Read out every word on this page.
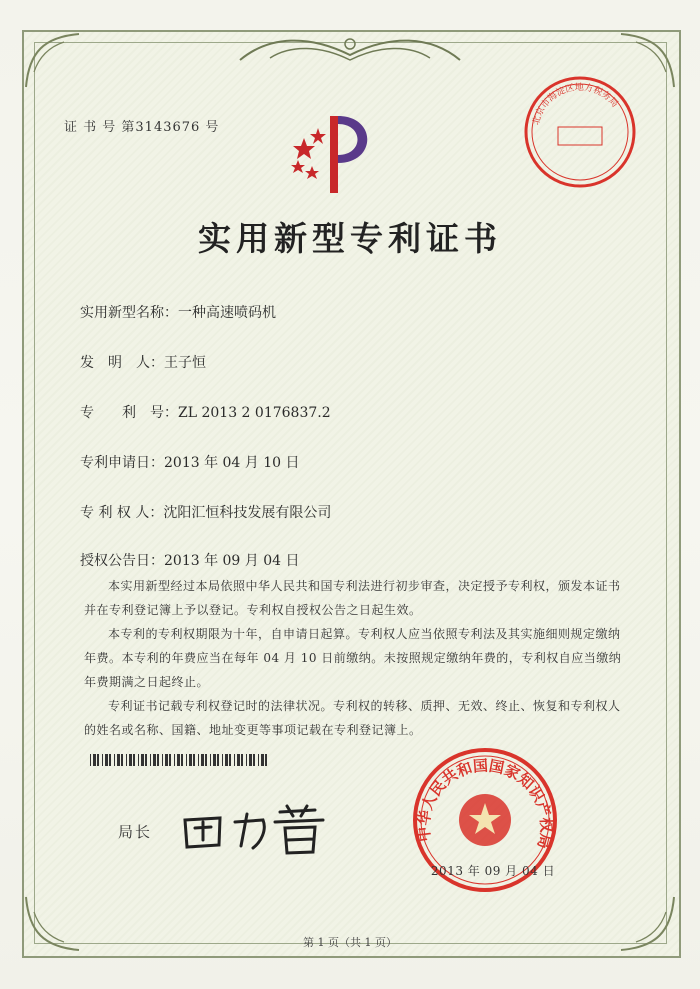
证 书 号 第3143676 号
实用新型专利证书
北京市海淀区地方税务局
实用新型名称：一种高速喷码机
发　明　人：王子恒
专　　利　号：ZL 2013 2 0176837.2
专利申请日：2013 年 04 月 10 日
专 利 权 人：沈阳汇恒科技发展有限公司
授权公告日：2013 年 09 月 04 日

本实用新型经过本局依照中华人民共和国专利法进行初步审查，决定授予专利权，颁发本证书并在专利登记簿上予以登记。专利权自授权公告之日起生效。

本专利的专利权期限为十年，自申请日起算。专利权人应当依照专利法及其实施细则规定缴纳年费。本专利的年费应当在每年 04 月 10 日前缴纳。未按照规定缴纳年费的，专利权自应当缴纳年费期满之日起终止。

专利证书记载专利权登记时的法律状况。专利权的转移、质押、无效、终止、恢复和专利权人的姓名或名称、国籍、地址变更等事项记载在专利登记簿上。

局长	中华人民共和国国家知识产权局
2013 年 09 月 04 日
第 1 页（共 1 页）
